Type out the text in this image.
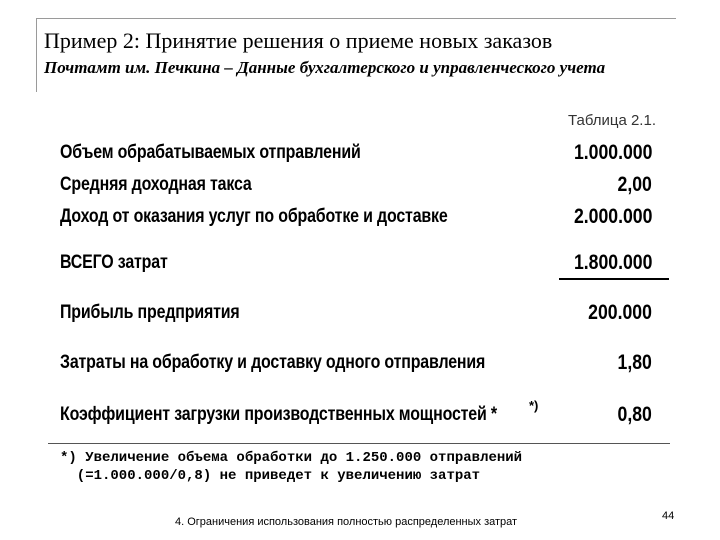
Пример 2: Принятие решения о приеме новых заказов
Почтамт им. Печкина – Данные бухгалтерского и управленческого учета
Таблица 2.1.
Объем обрабатываемых отправлений	1.000.000
Средняя доходная такса	2,00
Доход от оказания услуг по обработке и доставке	2.000.000
ВСЕГО затрат	1.800.000
Прибыль предприятия	200.000
Затраты на обработку и доставку одного отправления	1,80
Коэффициент загрузки производственных мощностей * *)	0,80
*) Увеличение объема обработки до 1.250.000 отправлений
(=1.000.000/0,8) не приведет к увеличению затрат
4. Ограничения использования полностью распределенных затрат	44
